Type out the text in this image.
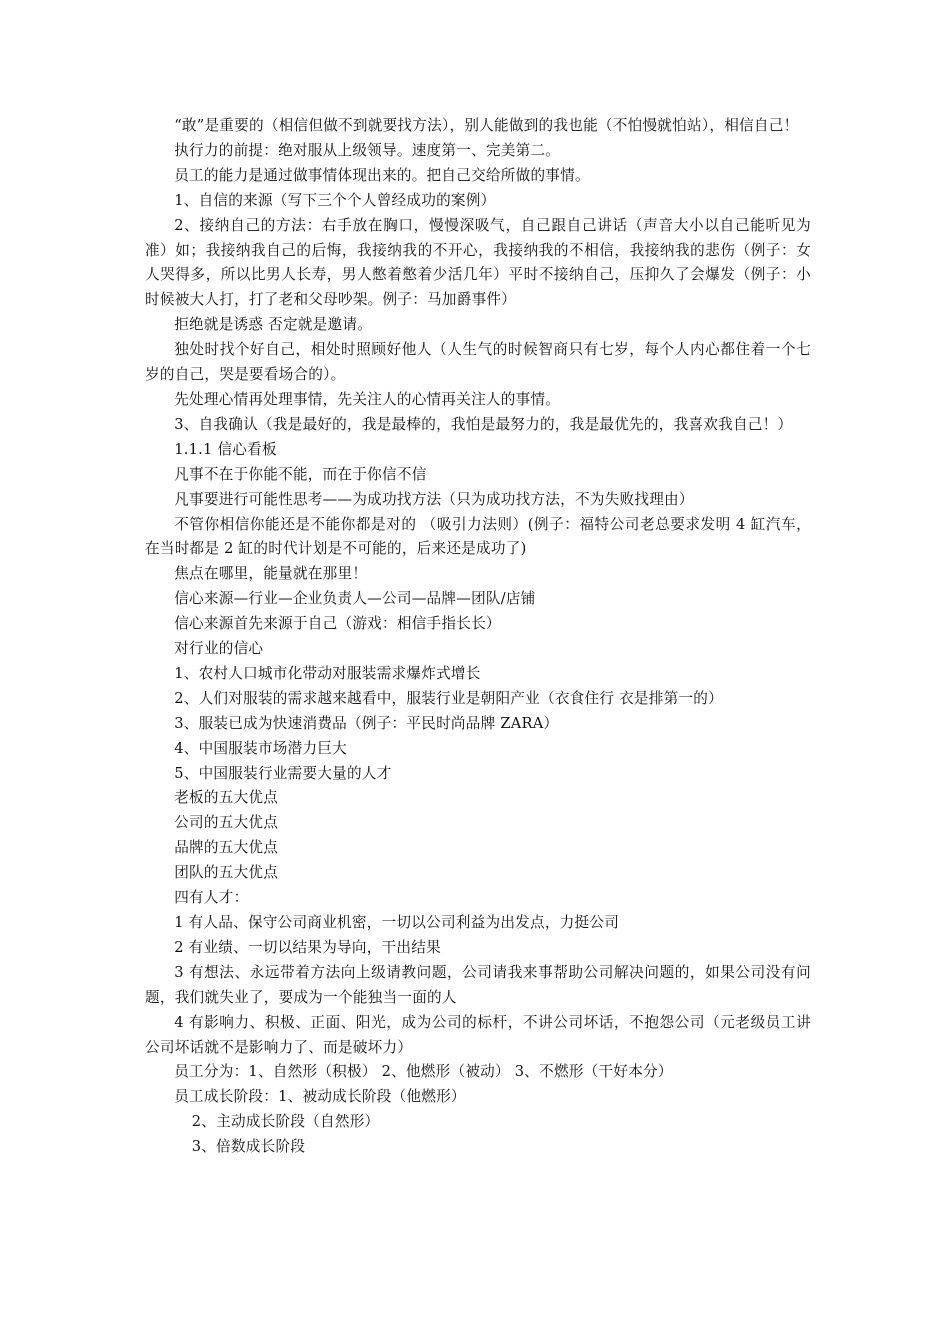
“敢”是重要的（相信但做不到就要找方法），别人能做到的我也能（不怕慢就怕站），相信自己！

执行力的前提：绝对服从上级领导。速度第一、完美第二。

员工的能力是通过做事情体现出来的。把自己交给所做的事情。

1、自信的来源（写下三个个人曾经成功的案例）

2、接纳自己的方法：右手放在胸口，慢慢深吸气，自己跟自己讲话（声音大小以自己能听见为准）如；我接纳我自己的后悔，我接纳我的不开心，我接纳我的不相信，我接纳我的悲伤（例子：女人哭得多，所以比男人长寿，男人憋着憋着少活几年）平时不接纳自己，压抑久了会爆发（例子：小时候被大人打，打了老和父母吵架。例子：马加爵事件）

拒绝就是诱惑 否定就是邀请。

独处时找个好自己，相处时照顾好他人（人生气的时候智商只有七岁，每个人内心都住着一个七岁的自己，哭是要看场合的）。

先处理心情再处理事情，先关注人的心情再关注人的事情。

3、自我确认（我是最好的，我是最棒的，我怕是最努力的，我是最优先的，我喜欢我自己！）

1.1.1 信心看板

凡事不在于你能不能，而在于你信不信

凡事要进行可能性思考——为成功找方法（只为成功找方法，不为失败找理由）

不管你相信你能还是不能你都是对的 （吸引力法则）(例子：福特公司老总要求发明 4 缸汽车，在当时都是 2 缸的时代计划是不可能的，后来还是成功了)

焦点在哪里，能量就在那里！

信心来源—行业—企业负责人—公司—品牌—团队/店铺

信心来源首先来源于自己（游戏：相信手指长长）

对行业的信心

1、农村人口城市化带动对服装需求爆炸式增长

2、人们对服装的需求越来越看中，服装行业是朝阳产业（衣食住行 衣是排第一的）

3、服装已成为快速消费品（例子：平民时尚品牌 ZARA）

4、中国服装市场潜力巨大

5、中国服装行业需要大量的人才

老板的五大优点

公司的五大优点

品牌的五大优点

团队的五大优点

四有人才：

1 有人品、保守公司商业机密，一切以公司利益为出发点，力挺公司

2 有业绩、一切以结果为导向，干出结果

3 有想法、永远带着方法向上级请教问题，公司请我来事帮助公司解决问题的，如果公司没有问题，我们就失业了，要成为一个能独当一面的人

4 有影响力、积极、正面、阳光，成为公司的标杆，不讲公司坏话，不抱怨公司（元老级员工讲公司坏话就不是影响力了、而是破坏力）

员工分为：1、自然形（积极） 2、他燃形（被动） 3、不燃形（干好本分）

员工成长阶段：1、被动成长阶段（他燃形）

2、主动成长阶段（自然形）

3、倍数成长阶段
